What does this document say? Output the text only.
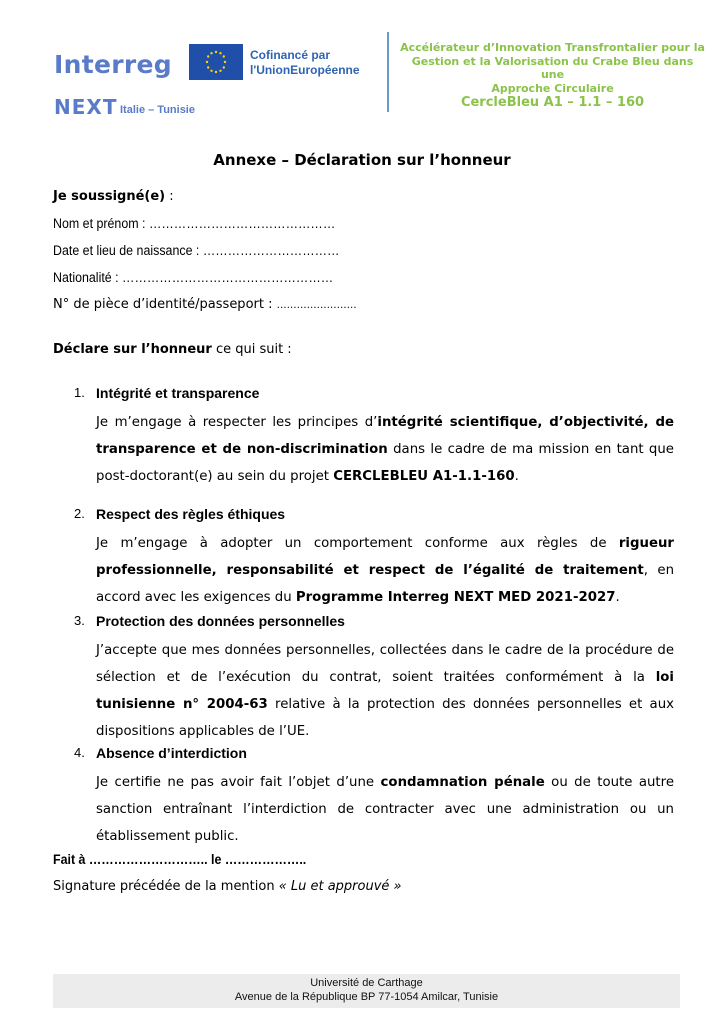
Interreg	Cofinancé par
l'UnionEuropéenne
NEXT Italie – Tunisie
Accélérateur d’Innovation Transfrontalier pour la
Gestion et la Valorisation du Crabe Bleu dans une
Approche Circulaire
CercleBleu A1 – 1.1 – 160
Annexe – Déclaration sur l’honneur
Je soussigné(e) :
Nom et prénom : ………………………………………
Date et lieu de naissance : ……………………………
Nationalité : ……………………………………………
N° de pièce d’identité/passeport : ……………………
Déclare sur l’honneur ce qui suit :
1. Intégrité et transparence
Je m’engage à respecter les principes d’intégrité scientifique, d’objectivité, de transparence et de non-discrimination dans le cadre de ma mission en tant que post-doctorant(e) au sein du projet CERCLEBLEU A1-1.1-160.
2. Respect des règles éthiques
Je m’engage à adopter un comportement conforme aux règles de rigueur professionnelle, responsabilité et respect de l’égalité de traitement, en accord avec les exigences du Programme Interreg NEXT MED 2021-2027.
3. Protection des données personnelles
J’accepte que mes données personnelles, collectées dans le cadre de la procédure de sélection et de l’exécution du contrat, soient traitées conformément à la loi tunisienne n° 2004-63 relative à la protection des données personnelles et aux dispositions applicables de l’UE.
4. Absence d’interdiction
Je certifie ne pas avoir fait l’objet d’une condamnation pénale ou de toute autre sanction entraînant l’interdiction de contracter avec une administration ou un établissement public.
Fait à ……………………….. le ………………..
Signature précédée de la mention « Lu et approuvé »
Université de Carthage
Avenue de la République BP 77-1054 Amilcar, Tunisie
